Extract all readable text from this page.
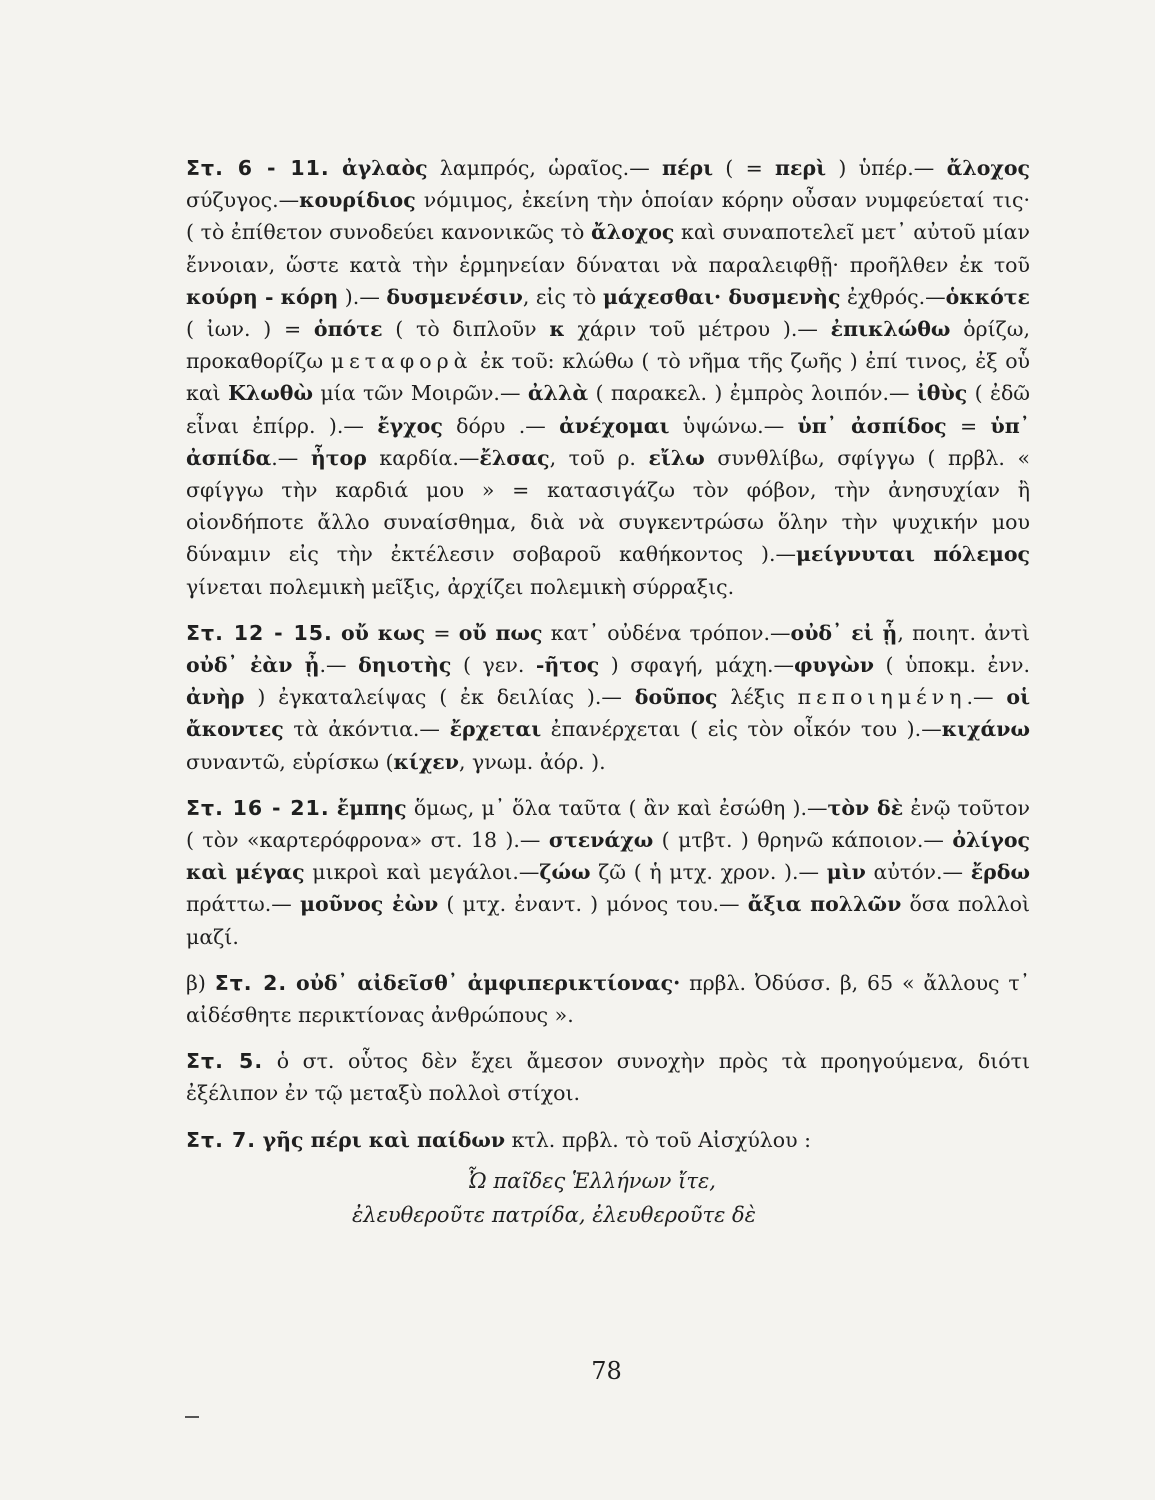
Στ. 6 - 11. ἀγλαὸς λαμπρός, ὡραῖος.— πέρι ( = περὶ ) ὑπέρ.— ἄλοχος σύζυγος.—κουρίδιος νόμιμος, ἐκείνη τὴν ὁποίαν κόρην οὖσαν νυμφεύεταί τις· ( τὸ ἐπίθετον συνοδεύει κανονικῶς τὸ ἄλοχος καὶ συναποτελεῖ μετ᾽ αὐτοῦ μίαν ἔννοιαν, ὥστε κατὰ τὴν ἑρμηνείαν δύναται νὰ παραλειφθῇ· προῆλθεν ἐκ τοῦ κούρη - κόρη ).— δυσμενέσιν, εἰς τὸ μάχεσθαι· δυσμενὴς ἐχθρός.—ὁκκότε ( ἰων. ) = ὁπότε ( τὸ διπλοῦν κ χάριν τοῦ μέτρου ).— ἐπικλώθω ὁρίζω, προκαθορίζω μεταφορὰ ἐκ τοῦ: κλώθω ( τὸ νῆμα τῆς ζωῆς ) ἐπί τινος, ἐξ οὗ καὶ Κλωθὼ μία τῶν Μοιρῶν.— ἀλλὰ ( παρακελ. ) ἐμπρὸς λοιπόν.— ἰθὺς ( ἐδῶ εἶναι ἐπίρρ. ).— ἔγχος δόρυ .— ἀνέχομαι ὑψώνω.— ὑπ᾽ ἀσπίδος = ὑπ᾽ ἀσπίδα.— ἦτορ καρδία.—ἔλσας, τοῦ ρ. εἴλω συνθλίβω, σφίγγω ( πρβλ. « σφίγγω τὴν καρδιά μου » = κατασιγάζω τὸν φόβον, τὴν ἀνησυχίαν ἢ οἱονδήποτε ἄλλο συναίσθημα, διὰ νὰ συγκεντρώσω ὅλην τὴν ψυχικήν μου δύναμιν εἰς τὴν ἐκτέλεσιν σοβαροῦ καθήκοντος ).—μείγνυται πόλεμος γίνεται πολεμικὴ μεῖξις, ἀρχίζει πολεμικὴ σύρραξις.

Στ. 12 - 15. οὔ κως = οὔ πως κατ᾽ οὐδένα τρόπον.—οὐδ᾽ εἰ ᾗ, ποιητ. ἀντὶ οὐδ᾽ ἐὰν ᾖ.— δηιοτὴς ( γεν. -ῆτος ) σφαγή, μάχη.—φυγὼν ( ὑποκμ. ἐνν. ἀνὴρ ) ἐγκαταλείψας ( ἐκ δειλίας ).— δοῦπος λέξις πεποιημένη.— οἱ ἄκοντες τὰ ἀκόντια.— ἔρχεται ἐπανέρχεται ( εἰς τὸν οἶκόν του ).—κιχάνω συναντῶ, εὑρίσκω (κίχεν, γνωμ. ἀόρ. ).

Στ. 16 - 21. ἔμπης ὅμως, μ᾽ ὅλα ταῦτα ( ἂν καὶ ἐσώθη ).—τὸν δὲ ἐνῷ τοῦτον ( τὸν «καρτερόφρονα» στ. 18 ).— στενάχω ( μτβτ. ) θρηνῶ κάποιον.— ὀλίγος καὶ μέγας μικροὶ καὶ μεγάλοι.—ζώω ζῶ ( ἡ μτχ. χρον. ).— μὶν αὐτόν.— ἔρδω πράττω.— μοῦνος ἐὼν ( μτχ. ἐναντ. ) μόνος του.— ἄξια πολλῶν ὅσα πολλοὶ μαζί.

β) Στ. 2. οὐδ᾽ αἰδεῖσθ᾽ ἀμφιπερικτίονας· πρβλ. Ὀδύσσ. β, 65 « ἄλλους τ᾽ αἰδέσθητε περικτίονας ἀνθρώπους ».

Στ. 5. ὁ στ. οὗτος δὲν ἔχει ἄμεσον συνοχὴν πρὸς τὰ προηγούμενα, διότι ἐξέλιπον ἐν τῷ μεταξὺ πολλοὶ στίχοι.

Στ. 7. γῆς πέρι καὶ παίδων κτλ. πρβλ. τὸ τοῦ Αἰσχύλου :

Ὦ παῖδες Ἑλλήνων ἴτε,
ἐλευθεροῦτε πατρίδα, ἐλευθεροῦτε δὲ
78
